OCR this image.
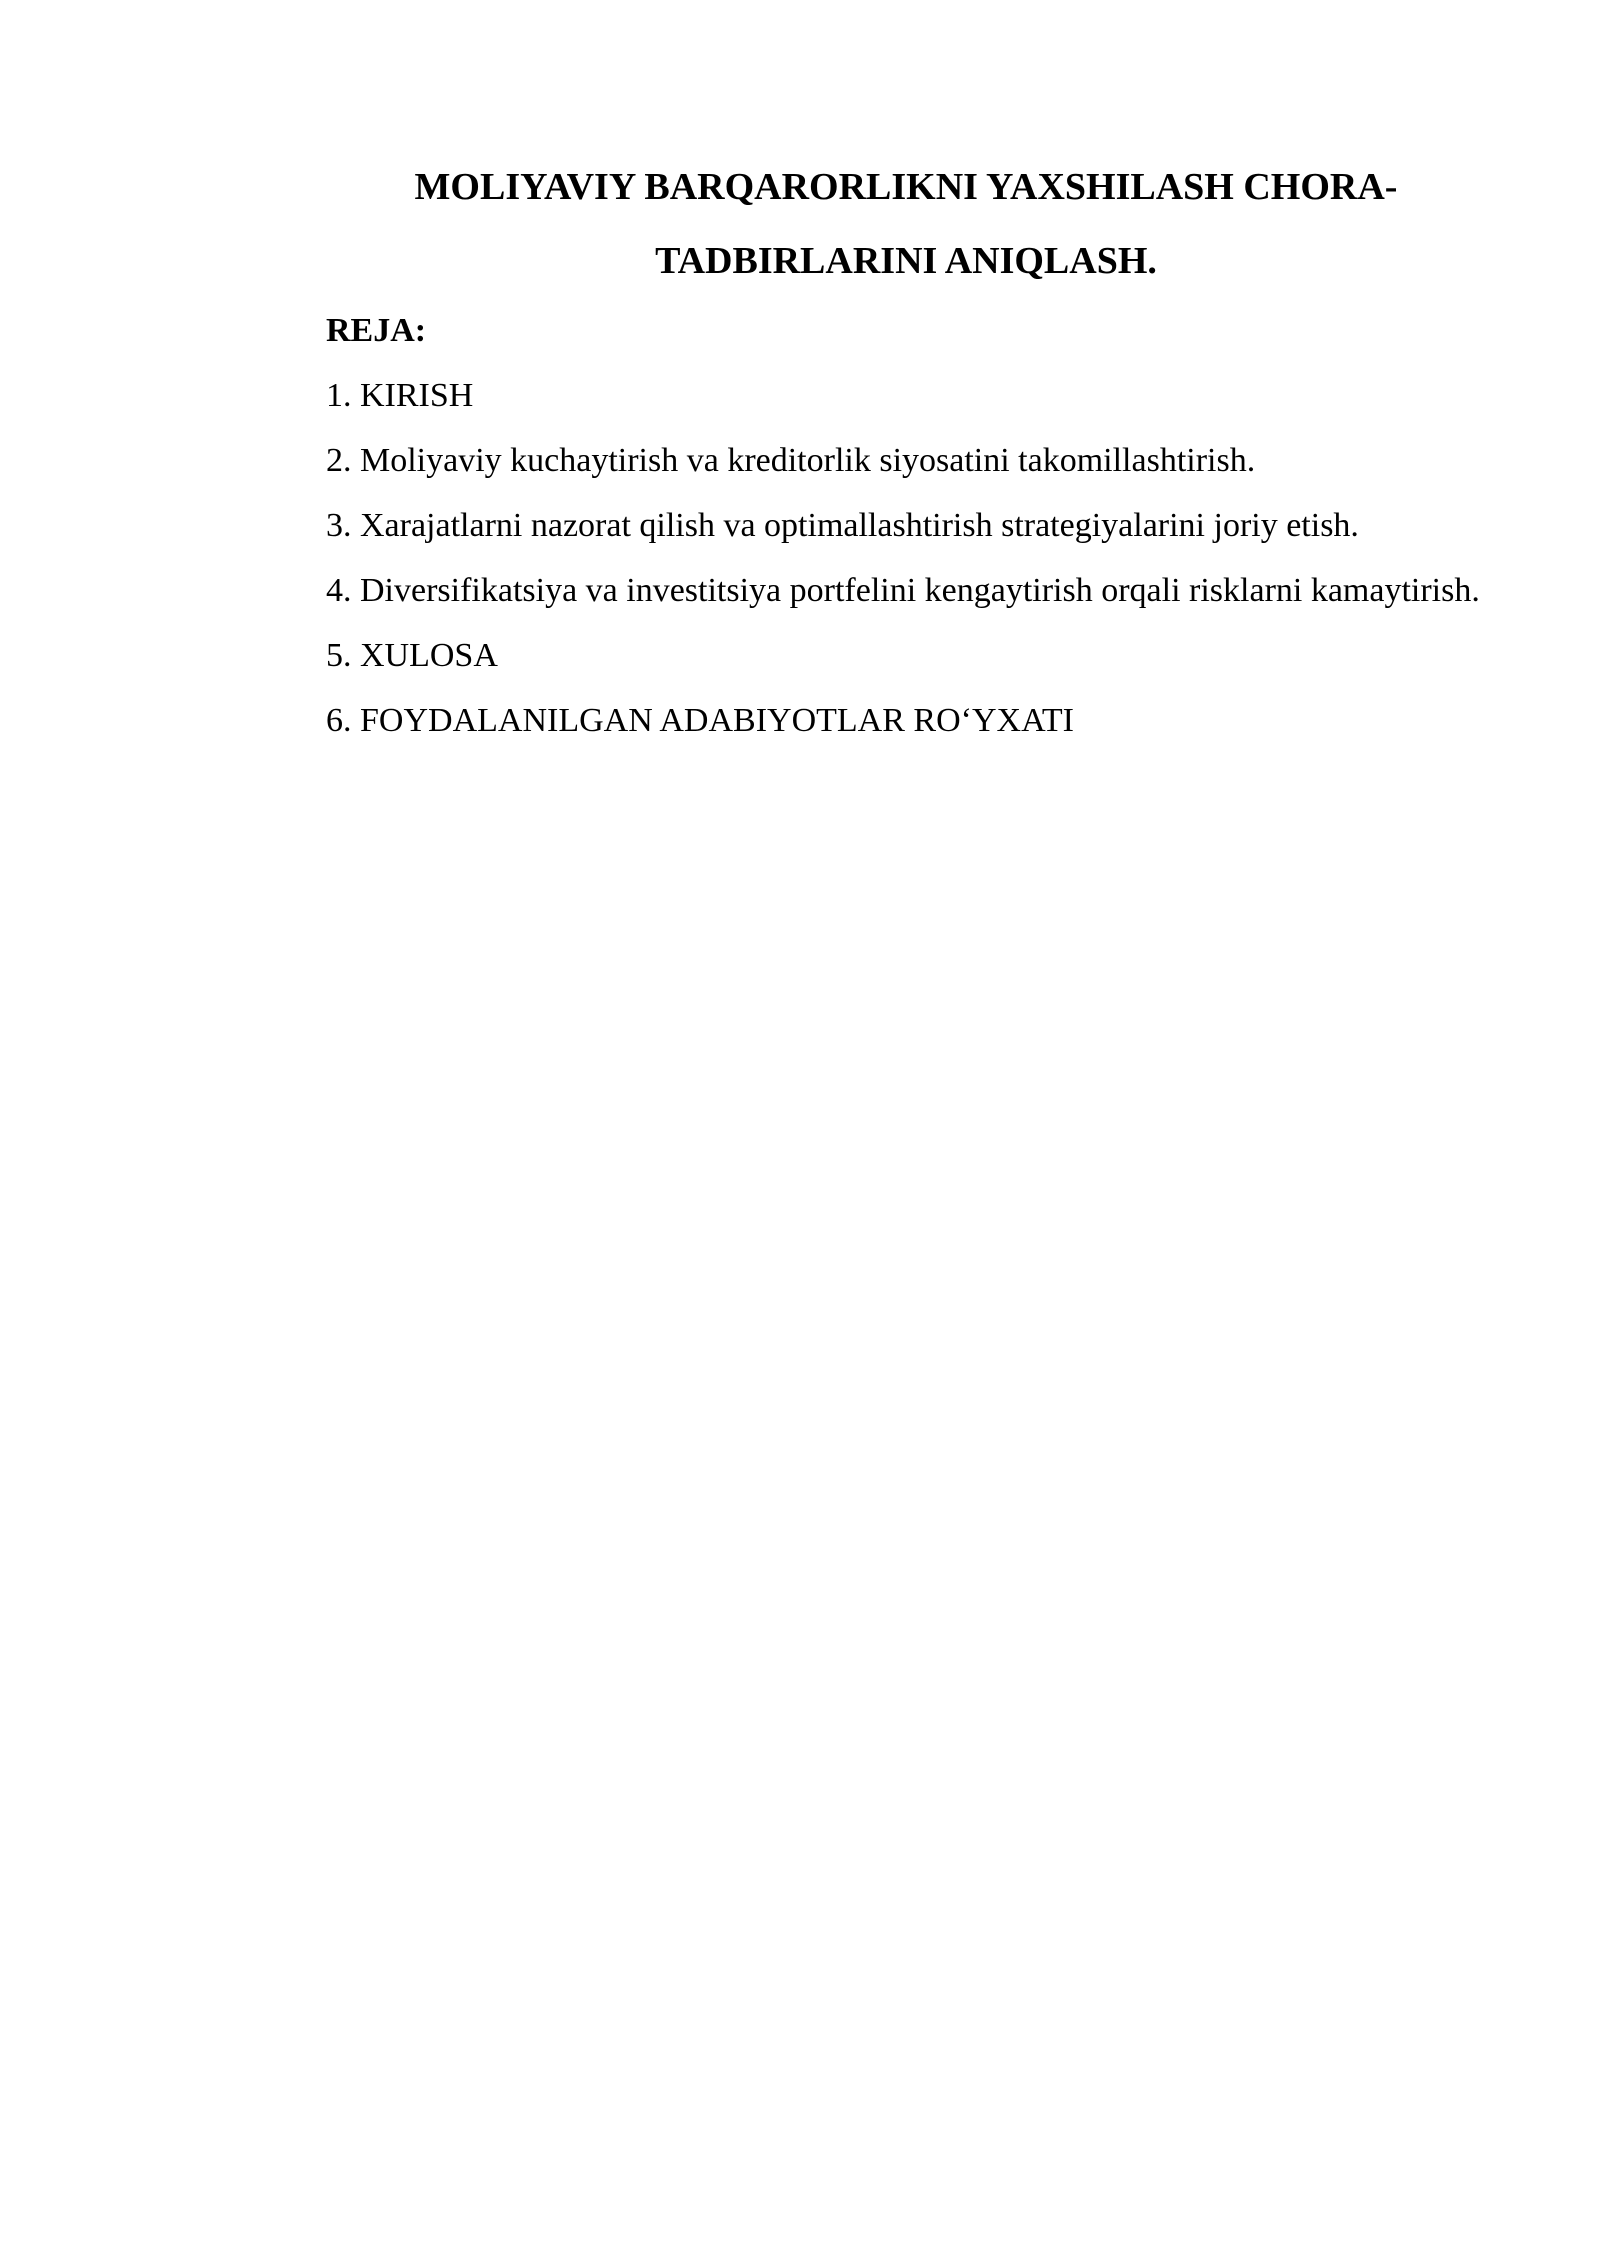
MOLIYAVIY BARQARORLIKNI YAXSHILASH CHORA-
TADBIRLARINI ANIQLASH.

REJA:

1. KIRISH

2. Moliyaviy kuchaytirish va kreditorlik siyosatini takomillashtirish.

3. Xarajatlarni nazorat qilish va optimallashtirish strategiyalarini joriy etish.

4. Diversifikatsiya va investitsiya portfelini kengaytirish orqali risklarni kamaytirish.

5. XULOSA

6. FOYDALANILGAN ADABIYOTLAR RO‘YXATI
